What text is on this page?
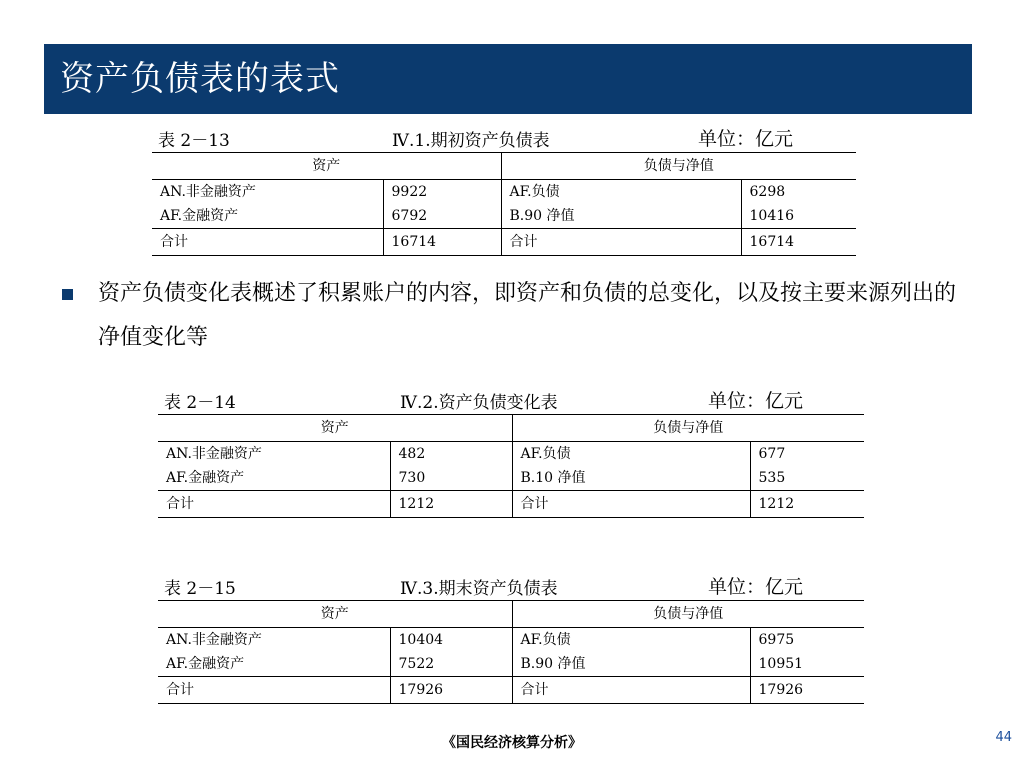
资产负债表的表式
表 2－13	Ⅳ.1.期初资产负债表	单位：亿元
资产		负债与净值	
AN.非金融资产	9922	AF.负债	6298
AF.金融资产	6792	B.90 净值	10416
合计	16714	合计	16714
资产负债变化表概述了积累账户的内容，即资产和负债的总变化，以及按主要来源列出的净值变化等
表 2－14	Ⅳ.2.资产负债变化表	单位：亿元
资产		负债与净值	
AN.非金融资产	482	AF.负债	677
AF.金融资产	730	B.10 净值	535
合计	1212	合计	1212
表 2－15	Ⅳ.3.期末资产负债表	单位：亿元
资产		负债与净值	
AN.非金融资产	10404	AF.负债	6975
AF.金融资产	7522	B.90 净值	10951
合计	17926	合计	17926
《国民经济核算分析》	44
